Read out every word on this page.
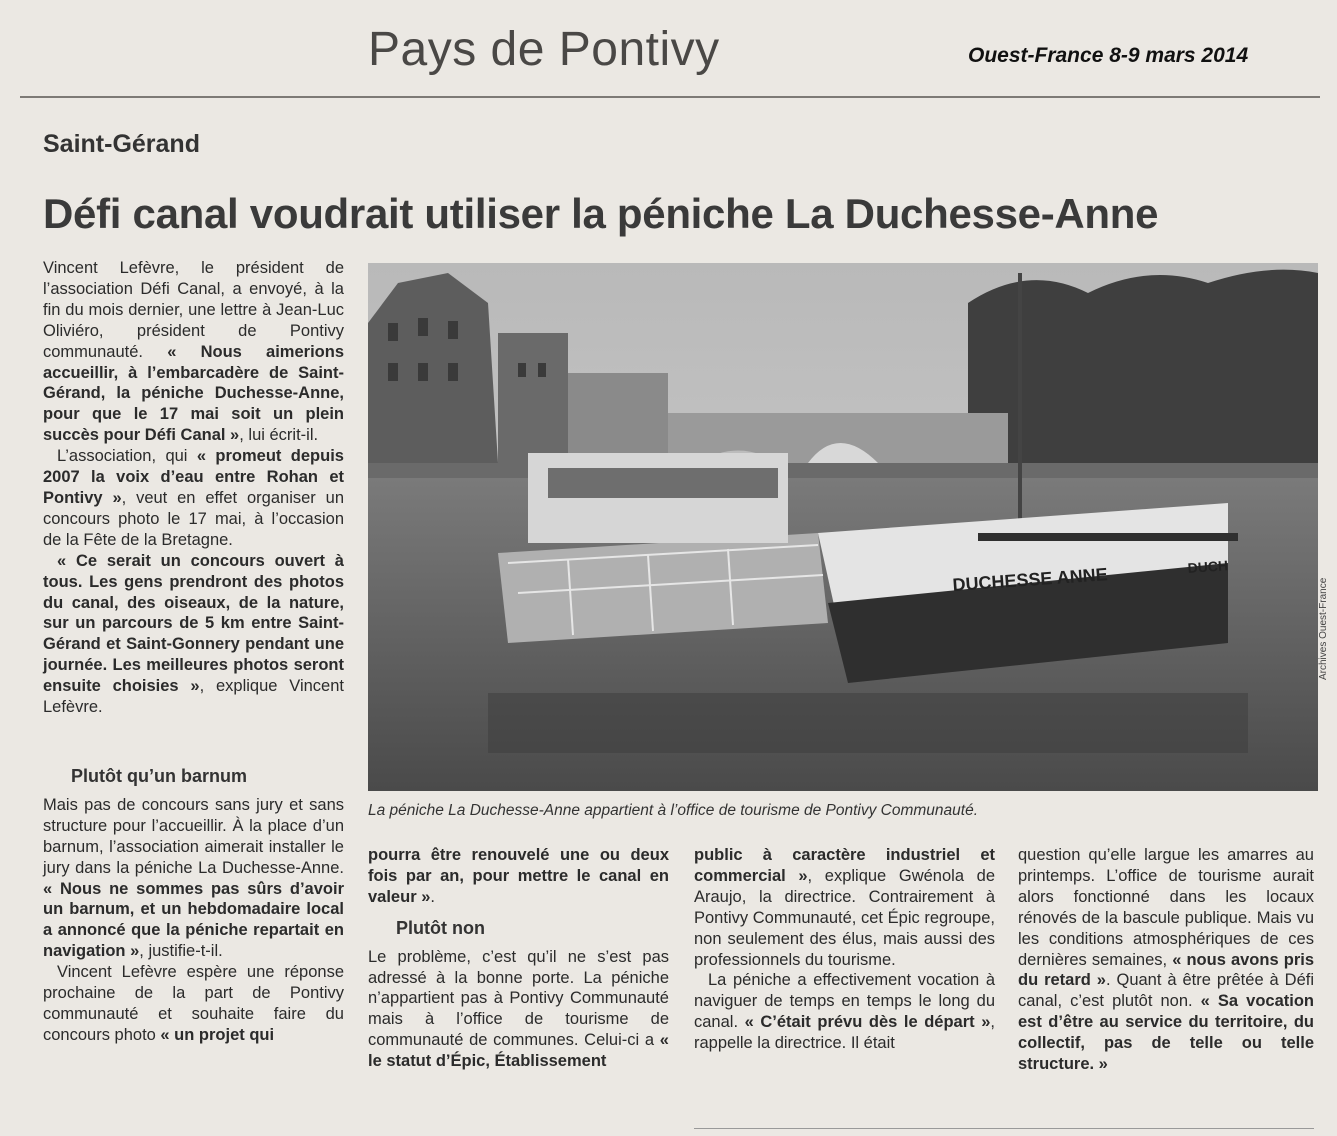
Pays de Pontivy	Ouest-France 8-9 mars 2014
Saint-Gérand
Défi canal voudrait utiliser la péniche La Duchesse-Anne

Vincent Lefèvre, le président de l’association Défi Canal, a envoyé, à la fin du mois dernier, une lettre à Jean-Luc Oliviéro, président de Pontivy communauté. « Nous aimerions accueillir, à l’embarcadère de Saint-Gérand, la péniche Duchesse-Anne, pour que le 17 mai soit un plein succès pour Défi Canal », lui écrit-il.

L’association, qui « promeut depuis 2007 la voix d’eau entre Rohan et Pontivy », veut en effet organiser un concours photo le 17 mai, à l’occasion de la Fête de la Bretagne.

« Ce serait un concours ouvert à tous. Les gens prendront des photos du canal, des oiseaux, de la nature, sur un parcours de 5 km entre Saint-Gérand et Saint-Gonnery pendant une journée. Les meilleures photos seront ensuite choisies », explique Vincent Lefèvre.

Plutôt qu’un barnum

Mais pas de concours sans jury et sans structure pour l’accueillir. À la place d’un barnum, l’association aimerait installer le jury dans la péniche La Duchesse-Anne. « Nous ne sommes pas sûrs d’avoir un barnum, et un hebdomadaire local a annoncé que la péniche repartait en navigation », justifie-t-il.

Vincent Lefèvre espère une réponse prochaine de la part de Pontivy communauté et souhaite faire du concours photo « un projet qui

pourra être renouvelé une ou deux fois par an, pour mettre le canal en valeur ».

Plutôt non

Le problème, c’est qu’il ne s’est pas adressé à la bonne porte. La péniche n’appartient pas à Pontivy Communauté mais à l’office de tourisme de communauté de communes. Celui-ci a « le statut d’Épic, Établissement

public à caractère industriel et commercial », explique Gwénola de Araujo, la directrice. Contrairement à Pontivy Communauté, cet Épic regroupe, non seulement des élus, mais aussi des professionnels du tourisme.

La péniche a effectivement vocation à naviguer de temps en temps le long du canal. « C’était prévu dès le départ », rappelle la directrice. Il était

question qu’elle largue les amarres au printemps. L’office de tourisme aurait alors fonctionné dans les locaux rénovés de la bascule publique. Mais vu les conditions atmosphériques de ces dernières semaines, « nous avons pris du retard ». Quant à être prêtée à Défi canal, c’est plutôt non. « Sa vocation est d’être au service du territoire, du collectif, pas de telle ou telle structure. »

DUCHESSE ANNE	DUCH
Archives Ouest-France
La péniche La Duchesse-Anne appartient à l’office de tourisme de Pontivy Communauté.
